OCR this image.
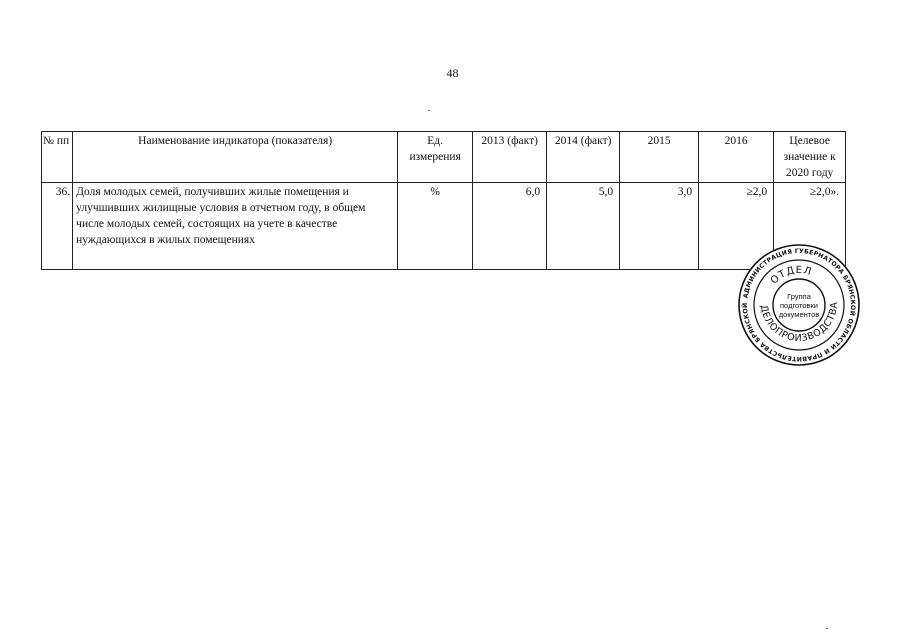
48
№ пп	Наименование индикатора (показателя)	Ед. измерения	2013 (факт)	2014 (факт)	2015	2016	Целевое значение к 2020 году
36.	Доля молодых семей, получивших жилые помещения и улучшивших жилищные условия в отчетном году, в общем числе молодых семей, состоящих на учете в качестве нуждающихся в жилых помещениях	%	6,0	5,0	3,0	≥2,0	≥2,0».
АДМИНИСТРАЦИЯ ГУБЕРНАТОРА БРЯНСКОЙ ОБЛАСТИ И ПРАВИТЕЛЬСТВА БРЯНСКОЙ
ОТДЕЛ
ДЕЛОПРОИЗВОДСТВА
Группа
подготовки
документов
